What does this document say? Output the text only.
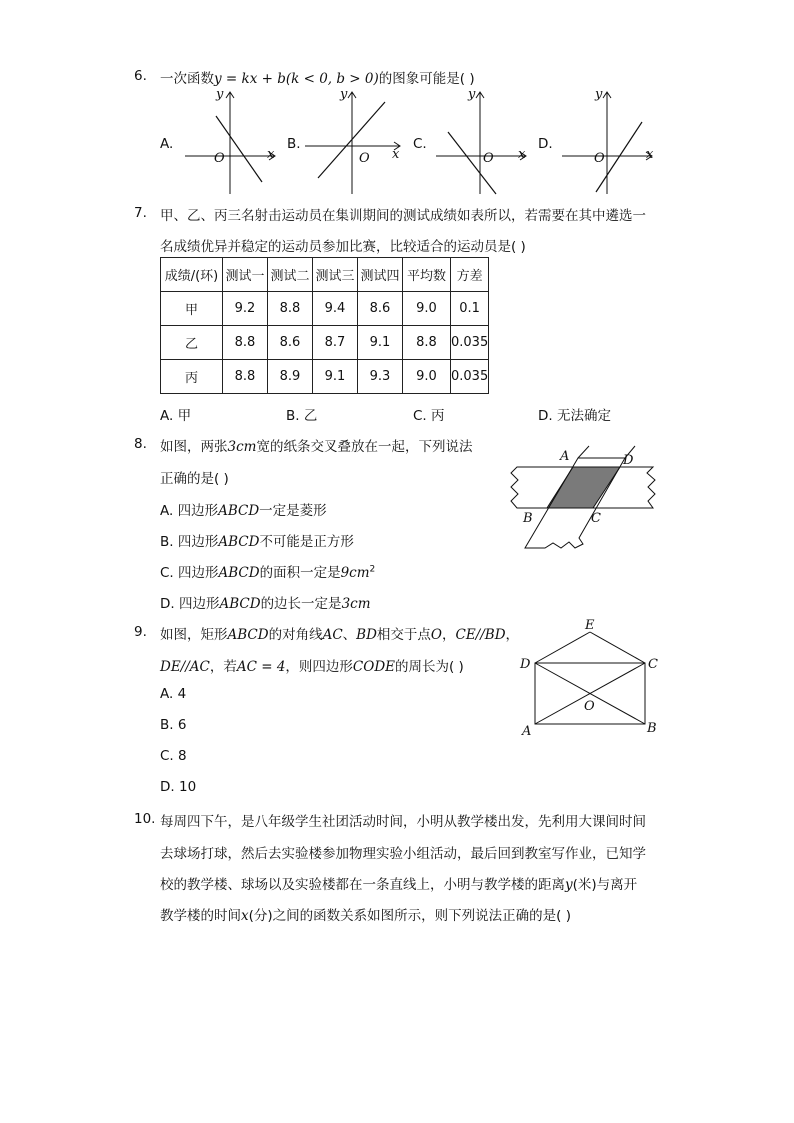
6. 一次函数y = kx + b(k < 0, b > 0)的图象可能是( )
A.
y
x
O
B.
y
x
O
C.
y
x
O
D.
y
x
O
7. 甲、乙、丙三名射击运动员在集训期间的测试成绩如表所以，若需要在其中遴选一
名成绩优异并稳定的运动员参加比赛，比较适合的运动员是( )
成绩/(环)	测试一	测试二	测试三	测试四	平均数	方差
甲	9.2	8.8	9.4	8.6	9.0	0.1
乙	8.8	8.6	8.7	9.1	8.8	0.035
丙	8.8	8.9	9.1	9.3	9.0	0.035
A. 甲	B. 乙	C. 丙	D. 无法确定
8. 如图，两张3cm宽的纸条交叉叠放在一起，下列说法
正确的是( )
A. 四边形ABCD一定是菱形
B. 四边形ABCD不可能是正方形
C. 四边形ABCD的面积一定是$9cm^2$
D. 四边形ABCD的边长一定是3cm
A	D
B	C
9. 如图，矩形ABCD的对角线AC、BD相交于点O，CE//BD，
DE//AC，若AC = 4，则四边形CODE的周长为( )
A. 4
B. 6
C. 8
D. 10
E
D	C
O
A	B
10. 每周四下午，是八年级学生社团活动时间，小明从教学楼出发，先利用大课间时间
去球场打球，然后去实验楼参加物理实验小组活动，最后回到教室写作业，已知学
校的教学楼、球场以及实验楼都在一条直线上，小明与教学楼的距离y(米)与离开
教学楼的时间x(分)之间的函数关系如图所示，则下列说法正确的是( )
